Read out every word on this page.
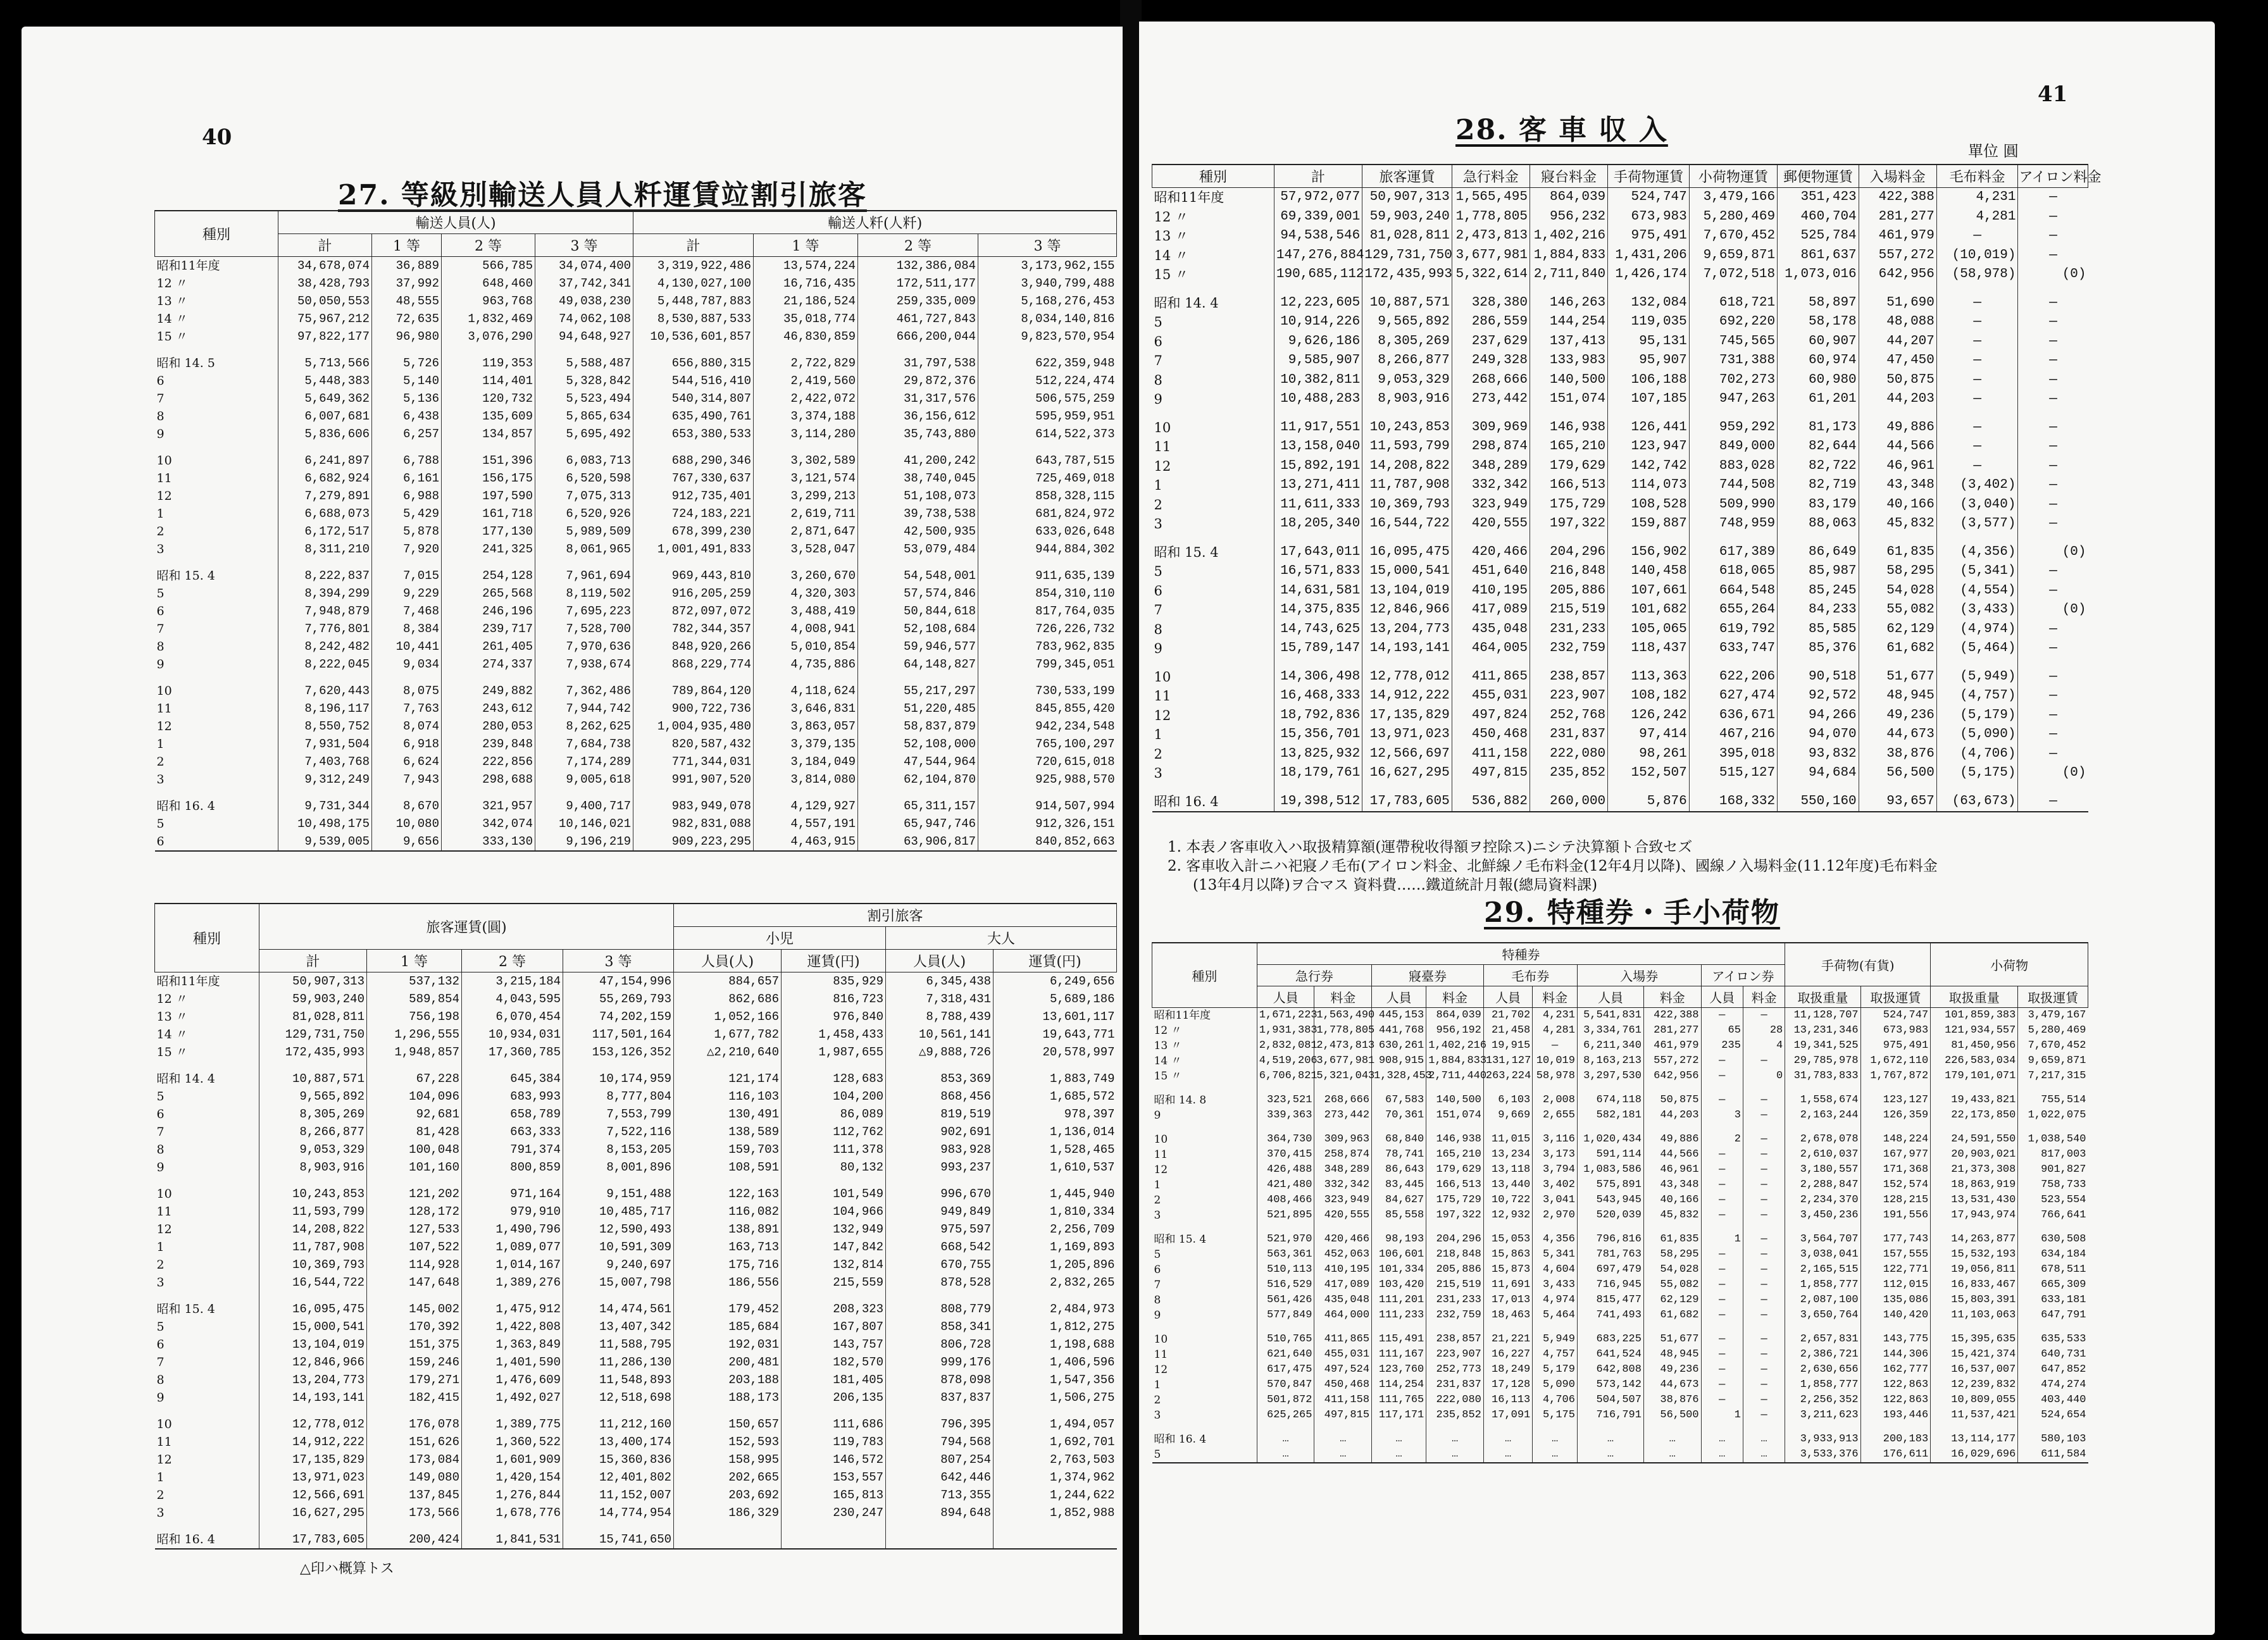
40
27. 等級別輸送人員人粁運賃竝割引旅客
種別	輸送人員(人)				輸送人粁(人粁)			
	計	1 等	2 等	3 等	計	1 等	2 等	3 等
昭和11年度	34,678,074	36,889	566,785	34,074,400	3,319,922,486	13,574,224	132,386,084	3,173,962,155
12 〃	38,428,793	37,992	648,460	37,742,341	4,130,027,100	16,716,435	172,511,177	3,940,799,488
13 〃	50,050,553	48,555	963,768	49,038,230	5,448,787,883	21,186,524	259,335,009	5,168,276,453
14 〃	75,967,212	72,635	1,832,469	74,062,108	8,530,887,533	35,018,774	461,727,843	8,034,140,816
15 〃	97,822,177	96,980	3,076,290	94,648,927	10,536,601,857	46,830,859	666,200,044	9,823,570,954

昭和 14. 5	5,713,566	5,726	119,353	5,588,487	656,880,315	2,722,829	31,797,538	622,359,948
6	5,448,383	5,140	114,401	5,328,842	544,516,410	2,419,560	29,872,376	512,224,474
7	5,649,362	5,136	120,732	5,523,494	540,314,807	2,422,072	31,317,576	506,575,259
8	6,007,681	6,438	135,609	5,865,634	635,490,761	3,374,188	36,156,612	595,959,951
9	5,836,606	6,257	134,857	5,695,492	653,380,533	3,114,280	35,743,880	614,522,373

10	6,241,897	6,788	151,396	6,083,713	688,290,346	3,302,589	41,200,242	643,787,515
11	6,682,924	6,161	156,175	6,520,598	767,330,637	3,121,574	38,740,045	725,469,018
12	7,279,891	6,988	197,590	7,075,313	912,735,401	3,299,213	51,108,073	858,328,115
1	6,688,073	5,429	161,718	6,520,926	724,183,221	2,619,711	39,738,538	681,824,972
2	6,172,517	5,878	177,130	5,989,509	678,399,230	2,871,647	42,500,935	633,026,648
3	8,311,210	7,920	241,325	8,061,965	1,001,491,833	3,528,047	53,079,484	944,884,302

昭和 15. 4	8,222,837	7,015	254,128	7,961,694	969,443,810	3,260,670	54,548,001	911,635,139
5	8,394,299	9,229	265,568	8,119,502	916,205,259	4,320,303	57,574,846	854,310,110
6	7,948,879	7,468	246,196	7,695,223	872,097,072	3,488,419	50,844,618	817,764,035
7	7,776,801	8,384	239,717	7,528,700	782,344,357	4,008,941	52,108,684	726,226,732
8	8,242,482	10,441	261,405	7,970,636	848,920,266	5,010,854	59,946,577	783,962,835
9	8,222,045	9,034	274,337	7,938,674	868,229,774	4,735,886	64,148,827	799,345,051

10	7,620,443	8,075	249,882	7,362,486	789,864,120	4,118,624	55,217,297	730,533,199
11	8,196,117	7,763	243,612	7,944,742	900,722,736	3,646,831	51,220,485	845,855,420
12	8,550,752	8,074	280,053	8,262,625	1,004,935,480	3,863,057	58,837,879	942,234,548
1	7,931,504	6,918	239,848	7,684,738	820,587,432	3,379,135	52,108,000	765,100,297
2	7,403,768	6,624	222,856	7,174,289	771,344,031	3,184,049	47,544,964	720,615,018
3	9,312,249	7,943	298,688	9,005,618	991,907,520	3,814,080	62,104,870	925,988,570

昭和 16. 4	9,731,344	8,670	321,957	9,400,717	983,949,078	4,129,927	65,311,157	914,507,994
5	10,498,175	10,080	342,074	10,146,021	982,831,088	4,557,191	65,947,746	912,326,151
6	9,539,005	9,656	333,130	9,196,219	909,223,295	4,463,915	63,906,817	840,852,663
種別	旅客運賃(圓)				割引旅客			
					小児		大人	
	計	1 等	2 等	3 等	人員(人)	運賃(円)	人員(人)	運賃(円)
昭和11年度	50,907,313	537,132	3,215,184	47,154,996	884,657	835,929	6,345,438	6,249,656
12 〃	59,903,240	589,854	4,043,595	55,269,793	862,686	816,723	7,318,431	5,689,186
13 〃	81,028,811	756,198	6,070,454	74,202,159	1,052,166	976,840	8,788,439	13,601,117
14 〃	129,731,750	1,296,555	10,934,031	117,501,164	1,677,782	1,458,433	10,561,141	19,643,771
15 〃	172,435,993	1,948,857	17,360,785	153,126,352	△2,210,640	1,987,655	△9,888,726	20,578,997

昭和 14. 4	10,887,571	67,228	645,384	10,174,959	121,174	128,683	853,369	1,883,749
5	9,565,892	104,096	683,993	8,777,804	116,103	104,200	868,456	1,685,572
6	8,305,269	92,681	658,789	7,553,799	130,491	86,089	819,519	978,397
7	8,266,877	81,428	663,333	7,522,116	138,589	112,762	902,691	1,136,014
8	9,053,329	100,048	791,374	8,153,205	159,703	111,378	983,928	1,528,465
9	8,903,916	101,160	800,859	8,001,896	108,591	80,132	993,237	1,610,537

10	10,243,853	121,202	971,164	9,151,488	122,163	101,549	996,670	1,445,940
11	11,593,799	128,172	979,910	10,485,717	116,082	104,966	949,849	1,810,334
12	14,208,822	127,533	1,490,796	12,590,493	138,891	132,949	975,597	2,256,709
1	11,787,908	107,522	1,089,077	10,591,309	163,713	147,842	668,542	1,169,893
2	10,369,793	114,928	1,014,167	9,240,697	175,716	132,814	670,755	1,205,896
3	16,544,722	147,648	1,389,276	15,007,798	186,556	215,559	878,528	2,832,265

昭和 15. 4	16,095,475	145,002	1,475,912	14,474,561	179,452	208,323	808,779	2,484,973
5	15,000,541	170,392	1,422,808	13,407,342	185,684	167,807	858,341	1,812,275
6	13,104,019	151,375	1,363,849	11,588,795	192,031	143,757	806,728	1,198,688
7	12,846,966	159,246	1,401,590	11,286,130	200,481	182,570	999,176	1,406,596
8	13,204,773	179,271	1,476,609	11,548,893	203,188	181,405	878,098	1,547,356
9	14,193,141	182,415	1,492,027	12,518,698	188,173	206,135	837,837	1,506,275

10	12,778,012	176,078	1,389,775	11,212,160	150,657	111,686	796,395	1,494,057
11	14,912,222	151,626	1,360,522	13,400,174	152,593	119,783	794,568	1,692,701
12	17,135,829	173,084	1,601,909	15,360,836	158,995	146,572	807,254	2,763,503
1	13,971,023	149,080	1,420,154	12,401,802	202,665	153,557	642,446	1,374,962
2	12,566,691	137,845	1,276,844	11,152,007	203,692	165,813	713,355	1,244,622
3	16,627,295	173,566	1,678,776	14,774,954	186,329	230,247	894,648	1,852,988

昭和 16. 4	17,783,605	200,424	1,841,531	15,741,650				
△印ハ概算トス
41
28. 客 車 収 入
單位 圓
種別	計	旅客運賃	急行料金	寢台料金	手荷物運賃	小荷物運賃	郵便物運賃	入場料金	毛布料金	アイロン料金
昭和11年度	57,972,077	50,907,313	1,565,495	864,039	524,747	3,479,166	351,423	422,388	4,231	—
12 〃	69,339,001	59,903,240	1,778,805	956,232	673,983	5,280,469	460,704	281,277	4,281	—
13 〃	94,538,546	81,028,811	2,473,813	1,402,216	975,491	7,670,452	525,784	461,979	—	—
14 〃	147,276,884	129,731,750	3,677,981	1,884,833	1,431,206	9,659,871	861,637	557,272	(10,019)	—
15 〃	190,685,112	172,435,993	5,322,614	2,711,840	1,426,174	7,072,518	1,073,016	642,956	(58,978)	(0)

昭和 14. 4	12,223,605	10,887,571	328,380	146,263	132,084	618,721	58,897	51,690	—	—
5	10,914,226	9,565,892	286,559	144,254	119,035	692,220	58,178	48,088	—	—
6	9,626,186	8,305,269	237,629	137,413	95,131	745,565	60,907	44,207	—	—
7	9,585,907	8,266,877	249,328	133,983	95,907	731,388	60,974	47,450	—	—
8	10,382,811	9,053,329	268,666	140,500	106,188	702,273	60,980	50,875	—	—
9	10,488,283	8,903,916	273,442	151,074	107,185	947,263	61,201	44,203	—	—

10	11,917,551	10,243,853	309,969	146,938	126,441	959,292	81,173	49,886	—	—
11	13,158,040	11,593,799	298,874	165,210	123,947	849,000	82,644	44,566	—	—
12	15,892,191	14,208,822	348,289	179,629	142,742	883,028	82,722	46,961	—	—
1	13,271,411	11,787,908	332,342	166,513	114,073	744,508	82,719	43,348	(3,402)	—
2	11,611,333	10,369,793	323,949	175,729	108,528	509,990	83,179	40,166	(3,040)	—
3	18,205,340	16,544,722	420,555	197,322	159,887	748,959	88,063	45,832	(3,577)	—

昭和 15. 4	17,643,011	16,095,475	420,466	204,296	156,902	617,389	86,649	61,835	(4,356)	(0)
5	16,571,833	15,000,541	451,640	216,848	140,458	618,065	85,987	58,295	(5,341)	—
6	14,631,581	13,104,019	410,195	205,886	107,661	664,548	85,245	54,028	(4,554)	—
7	14,375,835	12,846,966	417,089	215,519	101,682	655,264	84,233	55,082	(3,433)	(0)
8	14,743,625	13,204,773	435,048	231,233	105,065	619,792	85,585	62,129	(4,974)	—
9	15,789,147	14,193,141	464,005	232,759	118,437	633,747	85,376	61,682	(5,464)	—

10	14,306,498	12,778,012	411,865	238,857	113,363	622,206	90,518	51,677	(5,949)	—
11	16,468,333	14,912,222	455,031	223,907	108,182	627,474	92,572	48,945	(4,757)	—
12	18,792,836	17,135,829	497,824	252,768	126,242	636,671	94,266	49,236	(5,179)	—
1	15,356,701	13,971,023	450,468	231,837	97,414	467,216	94,070	44,673	(5,090)	—
2	13,825,932	12,566,697	411,158	222,080	98,261	395,018	93,832	38,876	(4,706)	—
3	18,179,761	16,627,295	497,815	235,852	152,507	515,127	94,684	56,500	(5,175)	(0)

昭和 16. 4	19,398,512	17,783,605	536,882	260,000	5,876	168,332	550,160	93,657	(63,673)	—
1. 本表ノ客車收入ハ取扱精算額(運帶稅收得額ヲ控除ス)ニシテ決算額ト合致セズ
2. 客車收入計ニハ祀寢ノ毛布(アイロン料金、北鮮線ノ毛布料金(12年4月以降)、國線ノ入場料金(11.12年度)毛布料金
(13年4月以降)ヲ合マス 資料費……鐵道統計月報(總局資料課)
29. 特種券・手小荷物
種別	特種券										手荷物(有貨)		小荷物	
	急行券		寢臺券		毛布券		入場券		アイロン券					
	人員	料金	人員	料金	人員	料金	人員	料金	人員	料金	取扱重量	取扱運賃	取扱重量	取扱運賃
昭和11年度	1,671,223	1,563,490	445,153	864,039	21,702	4,231	5,541,831	422,388	—	—	11,128,707	524,747	101,859,383	3,479,167
12 〃	1,931,383	1,778,805	441,768	956,192	21,458	4,281	3,334,761	281,277	65	28	13,231,346	673,983	121,934,557	5,280,469
13 〃	2,832,081	2,473,813	630,261	1,402,216	19,915	—	6,211,340	461,979	235	4	19,341,525	975,491	81,450,956	7,670,452
14 〃	4,519,206	3,677,981	908,915	1,884,833	131,127	10,019	8,163,213	557,272	—	—	29,785,978	1,672,110	226,583,034	9,659,871
15 〃	6,706,821	5,321,043	1,328,453	2,711,440	263,224	58,978	3,297,530	642,956	—	0	31,783,833	1,767,872	179,101,071	7,217,315

昭和 14. 8	323,521	268,666	67,583	140,500	6,103	2,008	674,118	50,875	—	—	1,558,674	123,127	19,433,821	755,514
9	339,363	273,442	70,361	151,074	9,669	2,655	582,181	44,203	3	—	2,163,244	126,359	22,173,850	1,022,075

10	364,730	309,963	68,840	146,938	11,015	3,116	1,020,434	49,886	2	—	2,678,078	148,224	24,591,550	1,038,540
11	370,415	258,874	78,741	165,210	13,234	3,173	591,114	44,566	—	—	2,610,037	167,977	20,903,021	817,003
12	426,488	348,289	86,643	179,629	13,118	3,794	1,083,586	46,961	—	—	3,180,557	171,368	21,373,308	901,827
1	421,480	332,342	83,445	166,513	13,440	3,402	575,891	43,348	—	—	2,288,847	152,574	18,863,919	758,733
2	408,466	323,949	84,627	175,729	10,722	3,041	543,945	40,166	—	—	2,234,370	128,215	13,531,430	523,554
3	521,895	420,555	85,558	197,322	12,932	2,970	520,039	45,832	—	—	3,450,236	191,556	17,943,974	766,641

昭和 15. 4	521,970	420,466	98,193	204,296	15,053	4,356	796,816	61,835	1	—	3,564,707	177,743	14,263,877	630,508
5	563,361	452,063	106,601	218,848	15,863	5,341	781,763	58,295	—	—	3,038,041	157,555	15,532,193	634,184
6	510,113	410,195	101,334	205,886	15,873	4,604	697,479	54,028	—	—	2,165,515	122,771	19,056,811	678,511
7	516,529	417,089	103,420	215,519	11,691	3,433	716,945	55,082	—	—	1,858,777	112,015	16,833,467	665,309
8	561,426	435,048	111,201	231,233	17,013	4,974	815,477	62,129	—	—	2,087,100	135,086	15,803,391	633,181
9	577,849	464,000	111,233	232,759	18,463	5,464	741,493	61,682	—	—	3,650,764	140,420	11,103,063	647,791

10	510,765	411,865	115,491	238,857	21,221	5,949	683,225	51,677	—	—	2,657,831	143,775	15,395,635	635,533
11	621,640	455,031	111,167	223,907	16,227	4,757	641,524	48,945	—	—	2,386,721	144,306	15,421,374	640,731
12	617,475	497,524	123,760	252,773	18,249	5,179	642,808	49,236	—	—	2,630,656	162,777	16,537,007	647,852
1	570,847	450,468	114,254	231,837	17,128	5,090	573,142	44,673	—	—	1,858,777	122,863	12,239,832	474,274
2	501,872	411,158	111,765	222,080	16,113	4,706	504,507	38,876	—	—	2,256,352	122,863	10,809,055	403,440
3	625,265	497,815	117,171	235,852	17,091	5,175	716,791	56,500	1	—	3,211,623	193,446	11,537,421	524,654

昭和 16. 4	…	…	…	…	…	…	…	…	…	…	3,933,913	200,183	13,114,177	580,103
5	…	…	…	…	…	…	…	…	…	…	3,533,376	176,611	16,029,696	611,584
